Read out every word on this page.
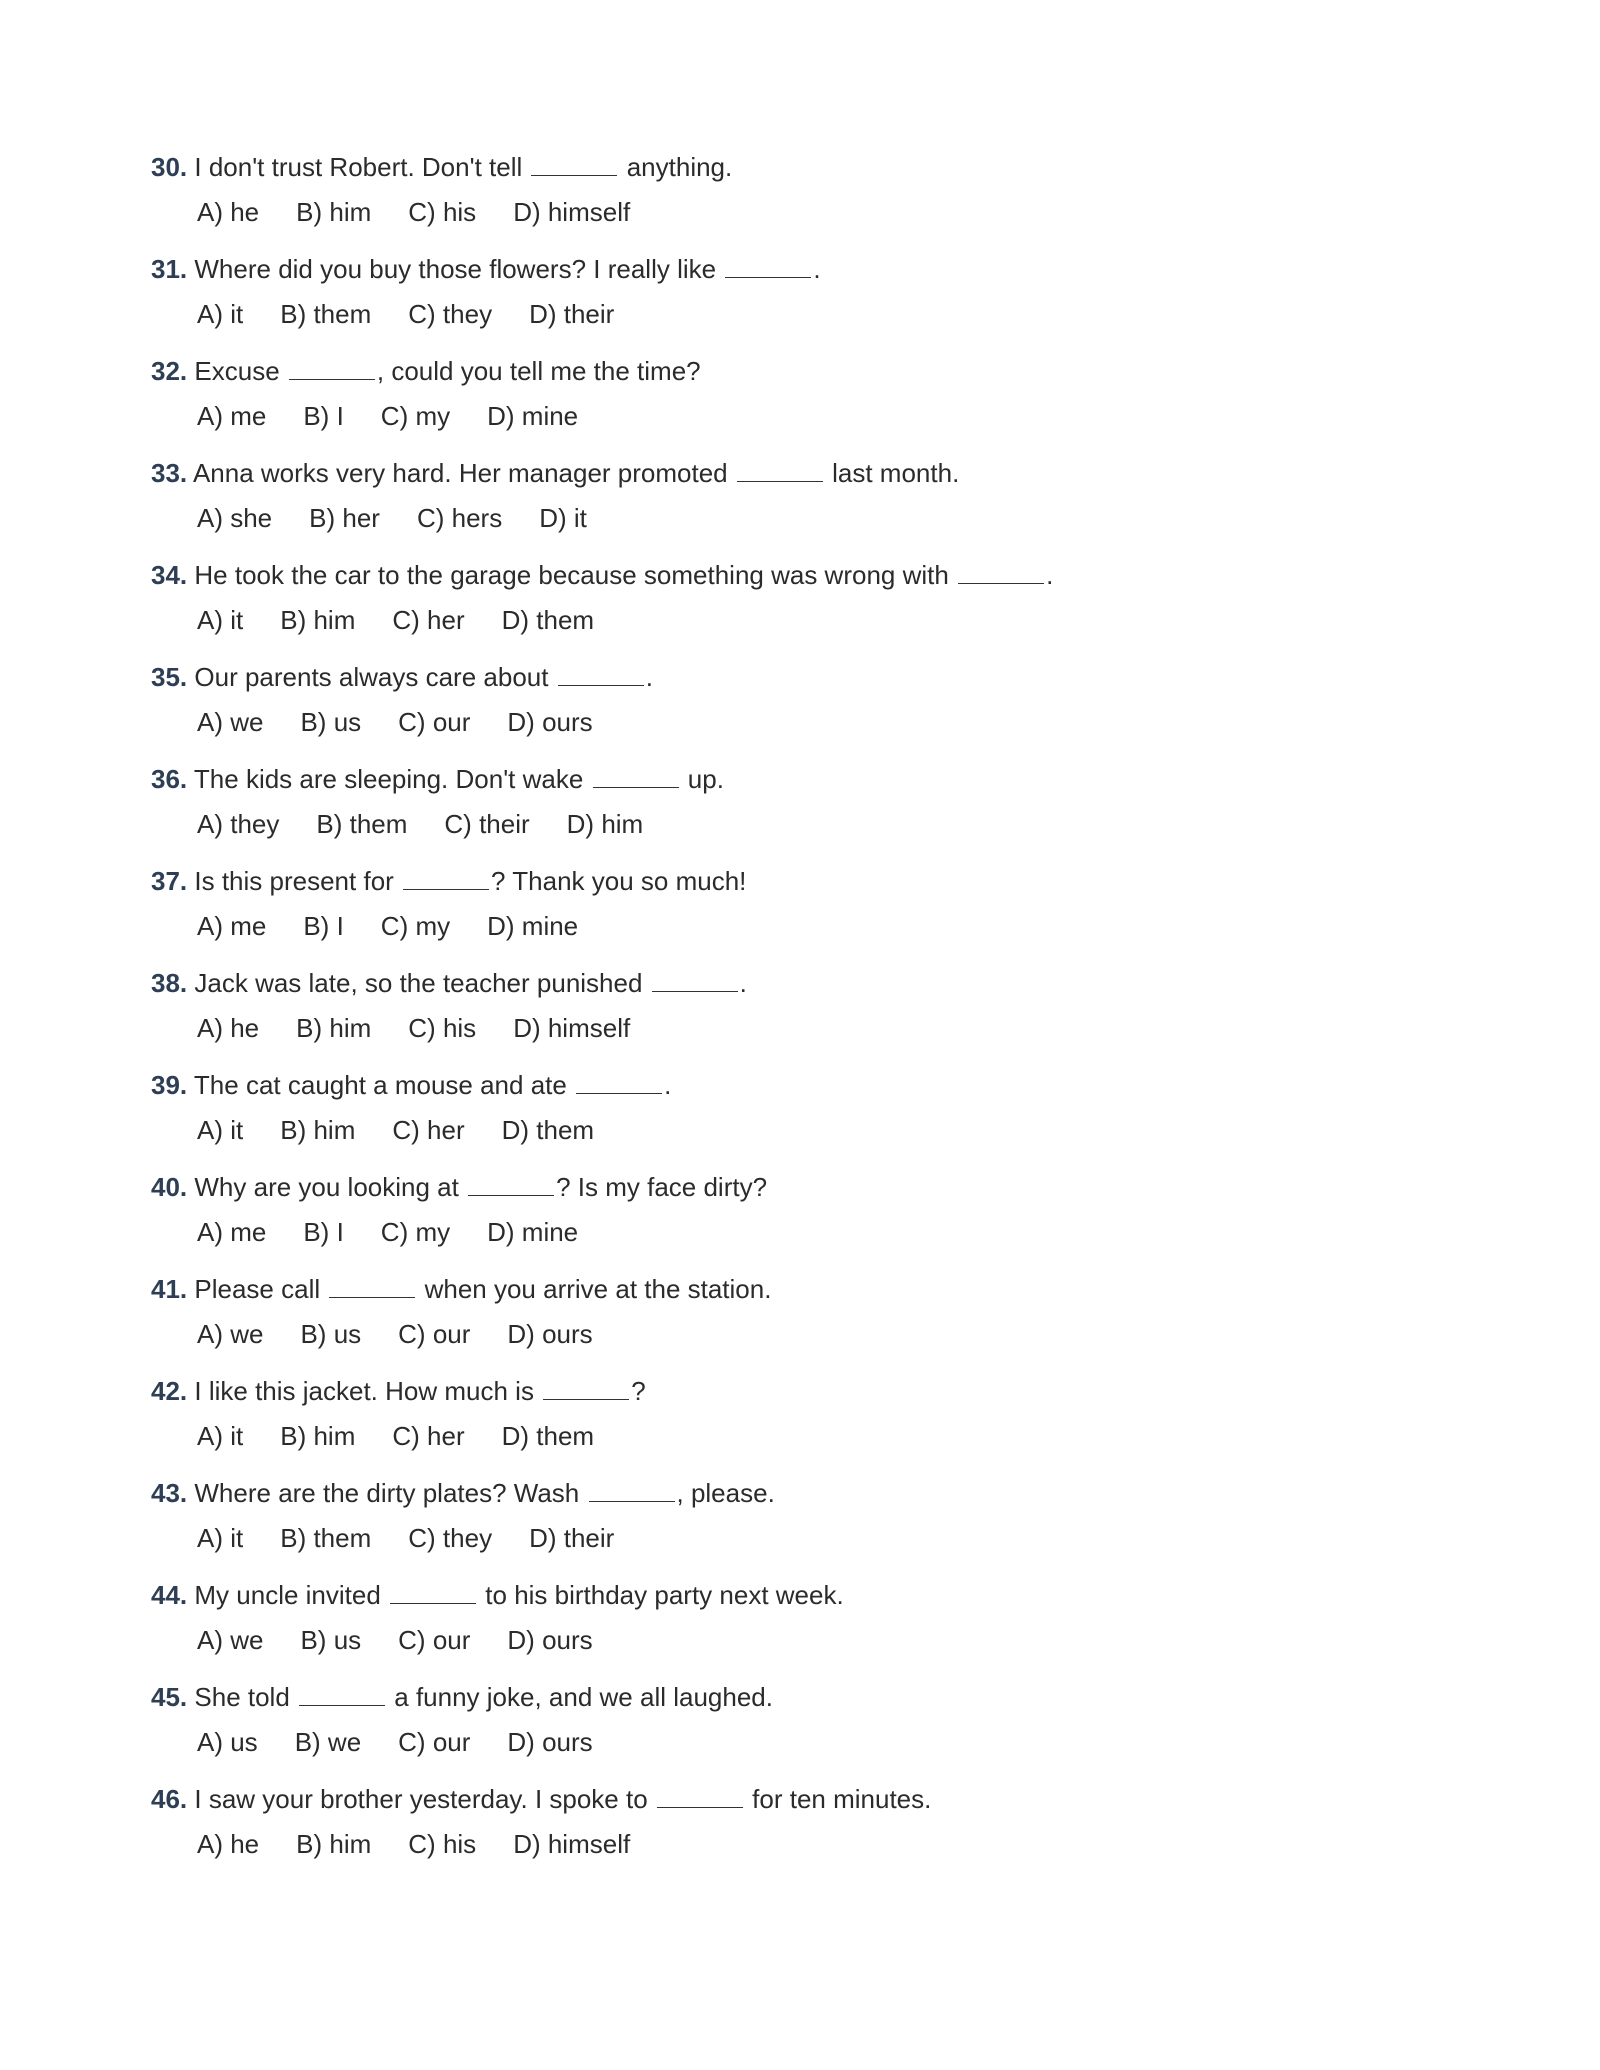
30. I don't trust Robert. Don't tell	anything.
A) he B) him C) his D) himself
31. Where did you buy those flowers? I really like	.
A) it B) them C) they D) their
32. Excuse	, could you tell me the time?
A) me B) I C) my D) mine
33. Anna works very hard. Her manager promoted	last month.
A) she B) her C) hers D) it
34. He took the car to the garage because something was wrong with	.
A) it B) him C) her D) them
35. Our parents always care about	.
A) we B) us C) our D) ours
36. The kids are sleeping. Don't wake	up.
A) they B) them C) their D) him
37. Is this present for	? Thank you so much!
A) me B) I C) my D) mine
38. Jack was late, so the teacher punished	.
A) he B) him C) his D) himself
39. The cat caught a mouse and ate	.
A) it B) him C) her D) them
40. Why are you looking at	? Is my face dirty?
A) me B) I C) my D) mine
41. Please call	when you arrive at the station.
A) we B) us C) our D) ours
42. I like this jacket. How much is	?
A) it B) him C) her D) them
43. Where are the dirty plates? Wash	, please.
A) it B) them C) they D) their
44. My uncle invited	to his birthday party next week.
A) we B) us C) our D) ours
45. She told	a funny joke, and we all laughed.
A) us B) we C) our D) ours
46. I saw your brother yesterday. I spoke to	for ten minutes.
A) he B) him C) his D) himself
